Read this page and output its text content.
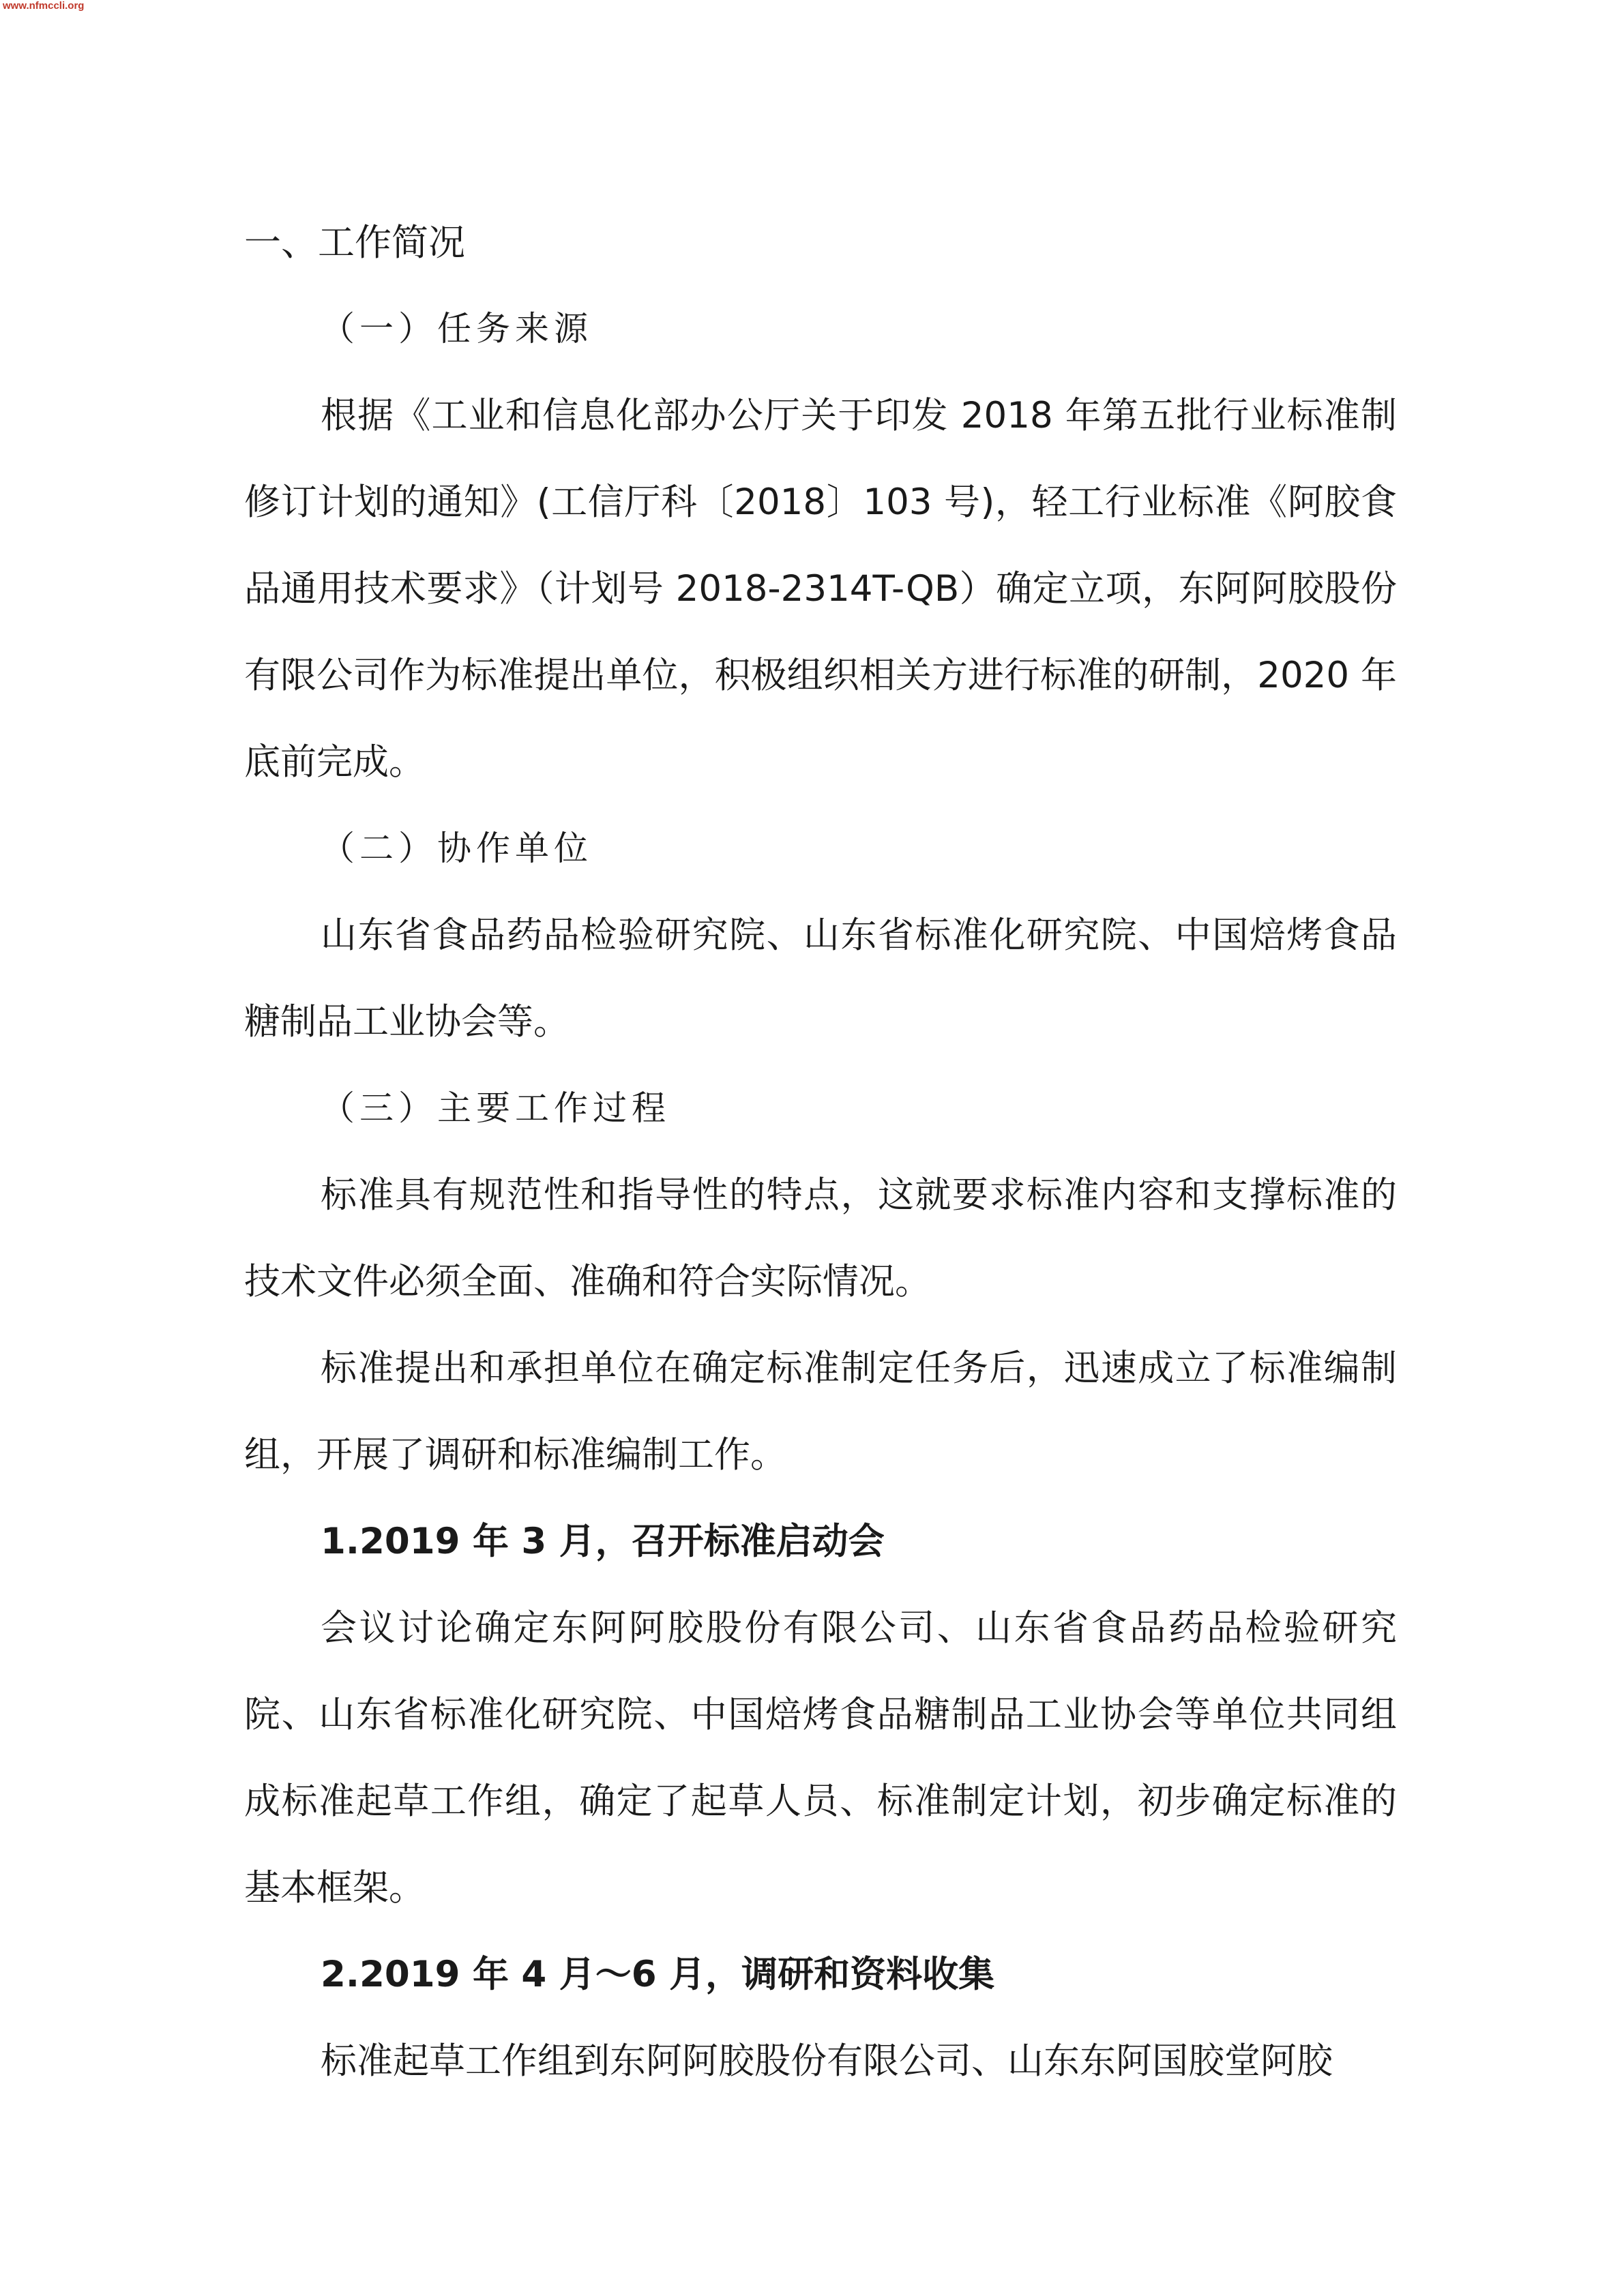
www.nfmccli.org

一、工作简况

（一）任务来源

根据《工业和信息化部办公厅关于印发 2018 年第五批行业标准制修订计划的通知》(工信厅科〔2018〕103 号)，轻工行业标准《阿胶食品通用技术要求》（计划号 2018-2314T-QB）确定立项，东阿阿胶股份有限公司作为标准提出单位，积极组织相关方进行标准的研制，2020 年底前完成。

（二）协作单位

山东省食品药品检验研究院、山东省标准化研究院、中国焙烤食品糖制品工业协会等。

（三）主要工作过程

标准具有规范性和指导性的特点，这就要求标准内容和支撑标准的技术文件必须全面、准确和符合实际情况。

标准提出和承担单位在确定标准制定任务后，迅速成立了标准编制组，开展了调研和标准编制工作。

1.2019 年 3 月，召开标准启动会

会议讨论确定东阿阿胶股份有限公司、山东省食品药品检验研究院、山东省标准化研究院、中国焙烤食品糖制品工业协会等单位共同组成标准起草工作组，确定了起草人员、标准制定计划，初步确定标准的基本框架。

2.2019 年 4 月～6 月，调研和资料收集

标准起草工作组到东阿阿胶股份有限公司、山东东阿国胶堂阿胶
